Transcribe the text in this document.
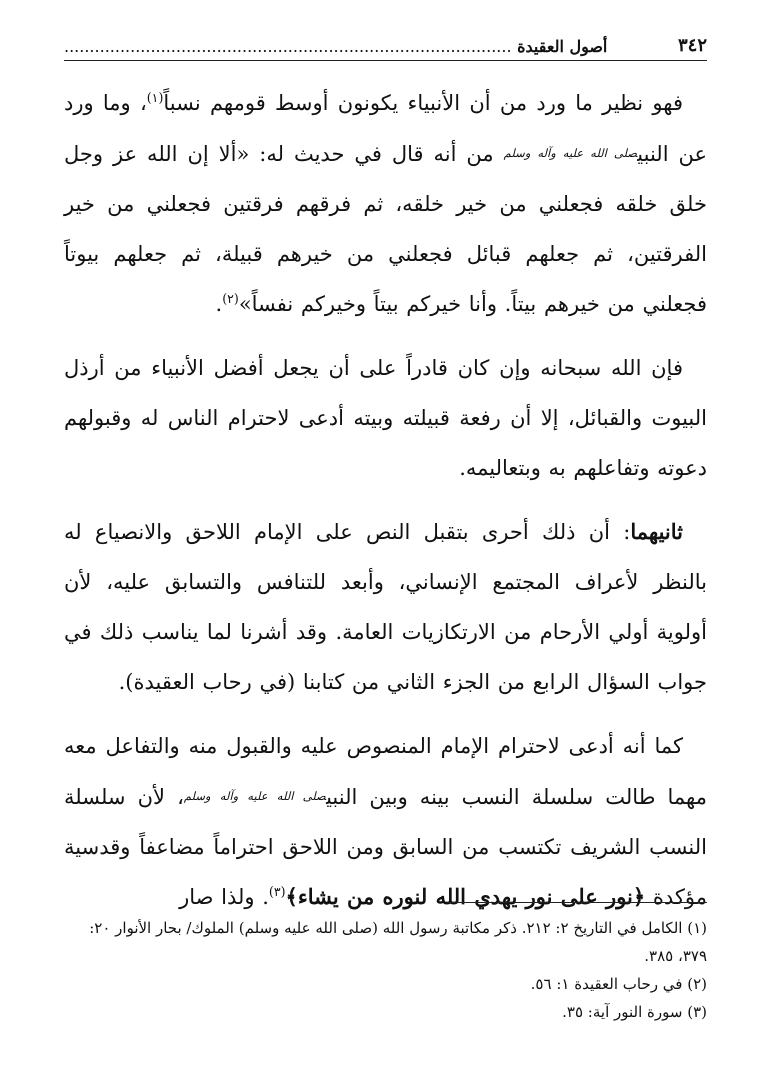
٣٤٢
أصول العقيدة ........................................................................................

فهو نظير ما ورد من أن الأنبياء يكونون أوسط قومهم نسباً$^{(١)}$، وما ورد عن النبيصلى الله عليه وآله وسلم من أنه قال في حديث له: «ألا إن الله عز وجل خلق خلقه فجعلني من خير خلقه، ثم فرقهم فرقتين فجعلني من خير الفرقتين، ثم جعلهم قبائل فجعلني من خيرهم قبيلة، ثم جعلهم بيوتاً فجعلني من خيرهم بيتاً. وأنا خيركم بيتاً وخيركم نفساً»$^{(٢)}$.

فإن الله سبحانه وإن كان قادراً على أن يجعل أفضل الأنبياء من أرذل البيوت والقبائل، إلا أن رفعة قبيلته وبيته أدعى لاحترام الناس له وقبولهم دعوته وتفاعلهم به وبتعاليمه.

ثانيهما: أن ذلك أحرى بتقبل النص على الإمام اللاحق والانصياع له بالنظر لأعراف المجتمع الإنساني، وأبعد للتنافس والتسابق عليه، لأن أولوية أولي الأرحام من الارتكازيات العامة. وقد أشرنا لما يناسب ذلك في جواب السؤال الرابع من الجزء الثاني من كتابنا (في رحاب العقيدة).

كما أنه أدعى لاحترام الإمام المنصوص عليه والقبول منه والتفاعل معه مهما طالت سلسلة النسب بينه وبين النبيصلى الله عليه وآله وسلم، لأن سلسلة النسب الشريف تكتسب من السابق ومن اللاحق احتراماً مضاعفاً وقدسية مؤكدة ﴿نور على نور يهدي الله لنوره من يشاء﴾$^{(٣)}$. ولذا صار

(١) الكامل في التاريخ ٢: ٢١٢. ذكر مكاتبة رسول الله (صلى الله عليه وسلم) الملوك/ بحار الأنوار ٢٠: ٣٧٩، ٣٨٥.

(٢) في رحاب العقيدة ١: ٥٦.

(٣) سورة النور آية: ٣٥.
